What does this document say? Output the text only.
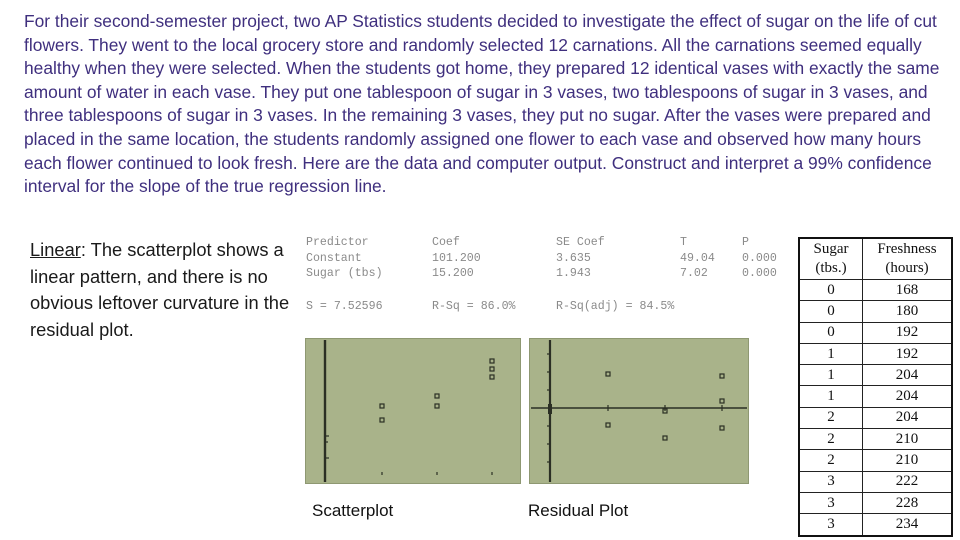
For their second-semester project, two AP Statistics students decided to investigate the effect of sugar on the life of cut flowers. They went to the local grocery store and randomly selected 12 carnations. All the carnations seemed equally healthy when they were selected. When the students got home, they prepared 12 identical vases with exactly the same amount of water in each vase. They put one tablespoon of sugar in 3 vases, two tablespoons of sugar in 3 vases, and three tablespoons of sugar in 3 vases. In the remaining 3 vases, they put no sugar. After the vases were prepared and placed in the same location, the students randomly assigned one flower to each vase and observed how many hours each flower continued to look fresh. Here are the data and computer output. Construct and interpret a 99% confidence interval for the slope of the true regression line.

Linear: The scatterplot shows a linear pattern, and there is no obvious leftover curvature in the residual plot.

Predictor	Coef	SE Coef	T	P
Constant	101.200	3.635	49.04 0.000
Sugar (tbs)	15.200	1.943	7.02	0.000
S = 7.52596	R-Sq = 86.0%	R-Sq(adj) = 84.5%
Scatterplot	Residual Plot
Sugar (tbs.)	Freshness (hours)
0	168
0	180
0	192
1	192
1	204
1	204
2	204
2	210
2	210
3	222
3	228
3	234
